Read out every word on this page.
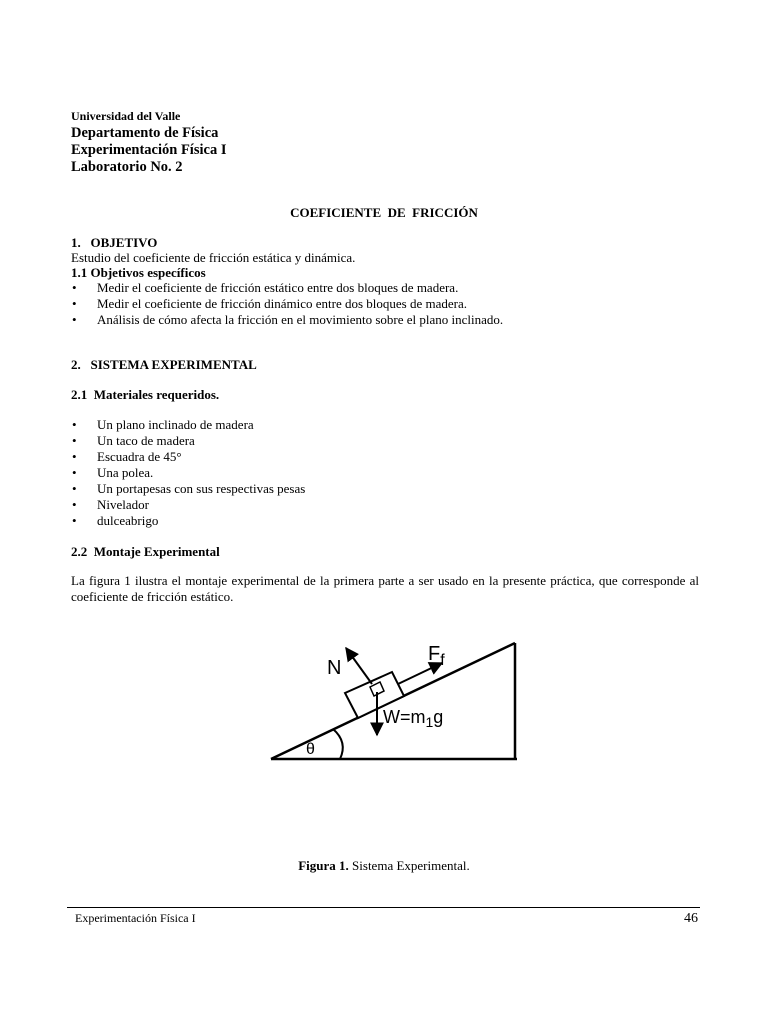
Universidad del Valle
Departamento de Física
Experimentación Física I
Laboratorio No. 2
COEFICIENTE  DE  FRICCIÓN
1.   OBJETIVO
Estudio del coeficiente de fricción estática y dinámica.
1.1 Objetivos específicos
• Medir el coeficiente de fricción estático entre dos bloques de madera.
• Medir el coeficiente de fricción dinámico entre dos bloques de madera.
• Análisis de cómo afecta la fricción en el movimiento sobre el plano inclinado.
2.   SISTEMA EXPERIMENTAL
2.1  Materiales requeridos.
• Un plano inclinado de madera
• Un taco de madera
• Escuadra de 45°
• Una polea.
• Un portapesas con sus respectivas pesas
• Nivelador
• dulceabrigo
2.2  Montaje Experimental
La figura 1 ilustra el montaje experimental de la primera parte a ser usado en la presente práctica, que corresponde al coeficiente de fricción estático.
N
$F_f$
$W=m_1g$
θ
Figura 1. Sistema Experimental.
Experimentación Física I	46
